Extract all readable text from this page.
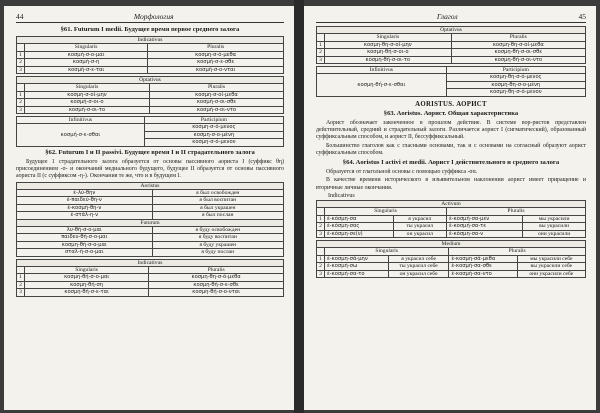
44	Морфология
§61. Futurum I medii. Будущее время первое среднего залога
Indicativus		
	Singularis	Pluralis
1	κοσμή-σ-ο-μαι	κοσμη-σ-ό-μεθα
2	κοσμή-σ-η	κοσμή-σ-ε-σθε
3	κοσμή-σ-ε-ται	κοσμή-σ-ο-νται
Optativus		
	Singularis	Pluralis
1	κοσμη-σ-οί-μην	κοσμη-σ-οί-μεθα
2	κοσμή-σ-οι-ο	κοσμή-σ-οι-σθε
3	κοσμή-σ-οι-το	κοσμή-σ-οι-ντο
Infinitivus	Participium
κοσμή-σ-ε-σθαι	κοσμη-σ-ό-μενος
	κοσμη-σ-ο-μένη
	κοσμη-σ-ό-μενον
§62. Futurum I и II passivi. Будущее время I и II страдательного залога

Будущее 1 страдательного залога образуется от основы пассивного аориста I (суффикс θη) присоединением -σ- и окончаний медиального будущего, будущее II образуется от основы пассивного аориста II (с суффиксом -η-). Окончания те же, что и в будущем I.

Aoristus	
ἐ-λύ-θην	я был освобожден
ἐ-παιδεύ-θη-ν	я был воспитан
ἐ-κοσμή-θη-ν	я был украшен
ἐ-στάλ-η-ν	я был послан
Futurum	
λυ-θή-σ-ο-μαι	я буду освобожден
παιδευ-θή-σ-ο-μαι	я буду воспитан
κοσμη-θή-σ-ο-μαι	я буду украшен
σταλ-ή-σ-ο-μαι	я буду послан
Indicativus		
	Singularis	Pluralis
1	κοσμη-θή-σ-ο-μαι	κοσμη-θη-σ-ό-μεθα
2	κοσμη-θή-ση	κοσμη-θή-σ-ε-σθε
3	κοσμη-θή-σ-ε-ται	κοσμη-θή-σ-ο-νται
Глагол	45
Optativus		
	Singularis	Pluralis
1	κοσμη-θη-σ-οί-μην	κοσμη-θη-σ-οί-μεθα
2	κοσμη-θή-σ-οι-ο	κοσμη-θή-σ-οι-σθε
3	κοσμη-θή-σ-οι-το	κοσμη-θή-σ-οι-ντο
Infinitivus	Participium
κοσμη-θή-σ-ε-σθαι	κοσμη-θη-σ-ό-μενος
	κοσμη-θη-σ-ο-μένη
	κοσμη-θη-σ-ό-μενον
AORISTUS. АОРИСТ
§63. Aoristus. Аорист. Общая характеристика

Аорист обозначает законченное в прошлом действие. В системе вор-ристов представлен действительный, средний и страдательный залоги. Различается аорист I (сигматический), образованный суффиксальным способом, и аорист II, бессуффиксальный.

Большинство глаголов как с гласными основами, так и с основами на согласный образуют аорист суффиксальным способом.

§64. Aoristus I activi et medii. Аорист I действительного и среднего залога

Образуется от глагольной основы с помощью суффикса -σα.

В качестве времени исторического в изъявительном наклонении аорист имеет приращение и вторичные личные окончания.

Indicativus
Activum				
	Singularis		Pluralis	
1	ἐ-κόσμη-σα	я украсил	ἐ-κοσμή-σα-μεν	мы украсили
2	ἐ-κόσμη-σας	ты украсил	ἐ-κοσμή-σα-τε	вы украсили
3	ἐ-κόσμη-σε(ν)	он украсил	ἐ-κόσμη-σα-ν	они украсили
Medium				
	Singularis		Pluralis	
1	ἐ-κοσμη-σά-μην	я украсил себе	ἐ-κοσμη-σά-μεθα	мы украсили себе
2	ἐ-κοσμή-σω	ты украсил себе	ἐ-κοσμή-σα-σθε	вы украсили себе
3	ἐ-κοσμή-σα-το	он украсил себе	ἐ-κοσμή-σα-ντο	они украсили себе
